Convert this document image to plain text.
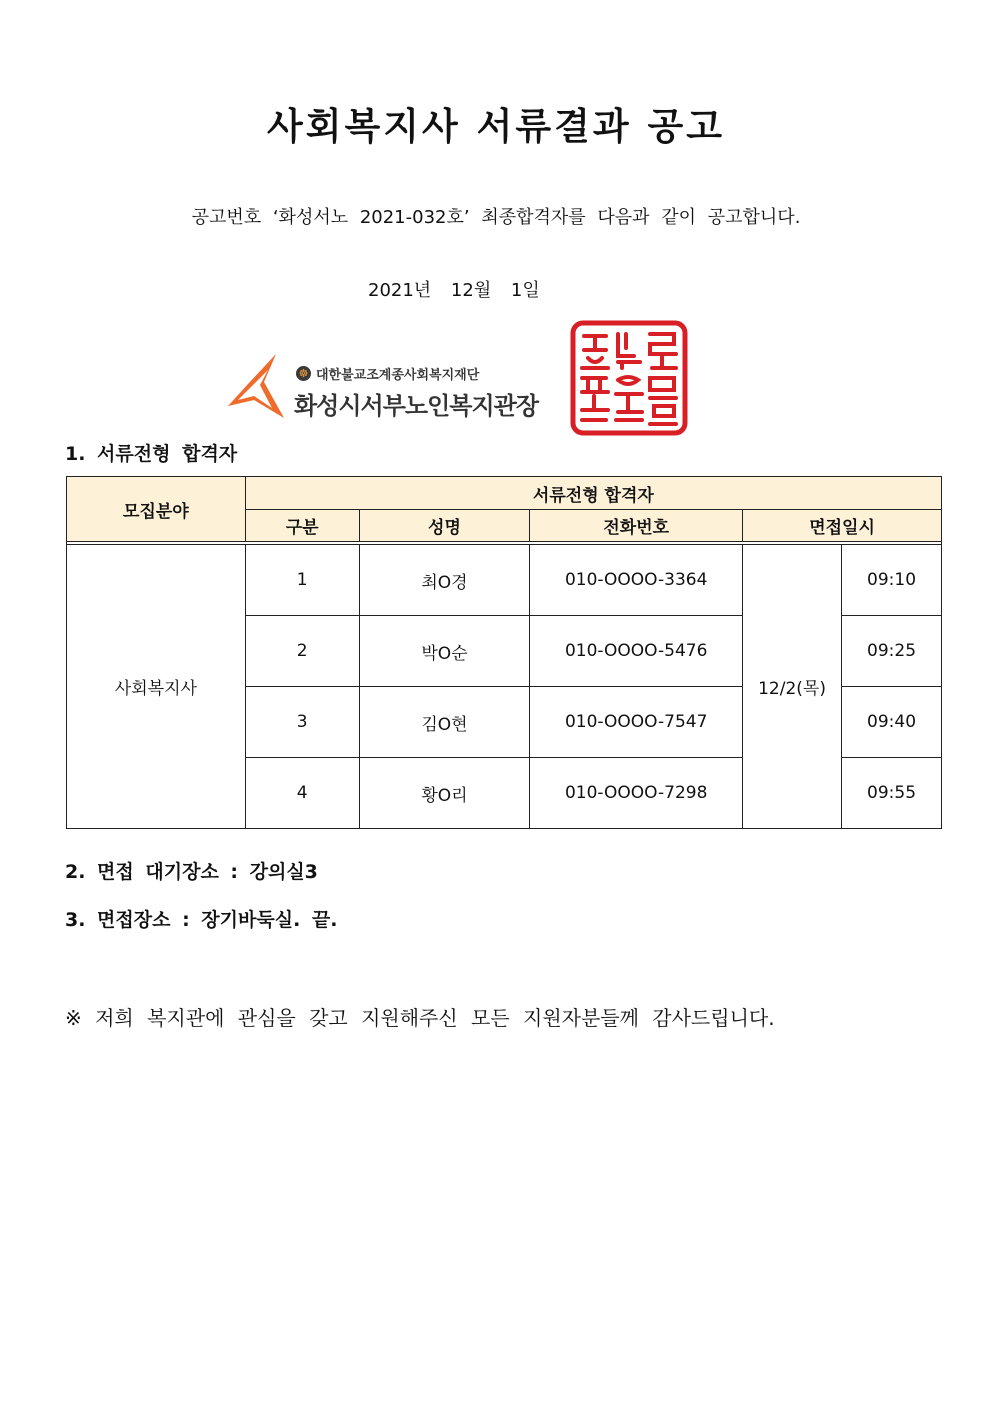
사회복지사 서류결과 공고
공고번호 ‘화성서노 2021-032호’ 최종합격자를 다음과 같이 공고합니다.
2021년 12월 1일
☸ 대한불교조계종사회복지재단
화성시서부노인복지관장
1. 서류전형 합격자
모집분야	서류전형 합격자				
	구분	성명	전화번호	면접일시	

사회복지사	1	최O경	010-OOOO-3364	12/2(목)	09:10
	2	박O순	010-OOOO-5476		09:25
	3	김O현	010-OOOO-7547		09:40
	4	황O리	010-OOOO-7298		09:55
2. 면접 대기장소 : 강의실3
3. 면접장소 : 장기바둑실. 끝.
※ 저희 복지관에 관심을 갖고 지원해주신 모든 지원자분들께 감사드립니다.
